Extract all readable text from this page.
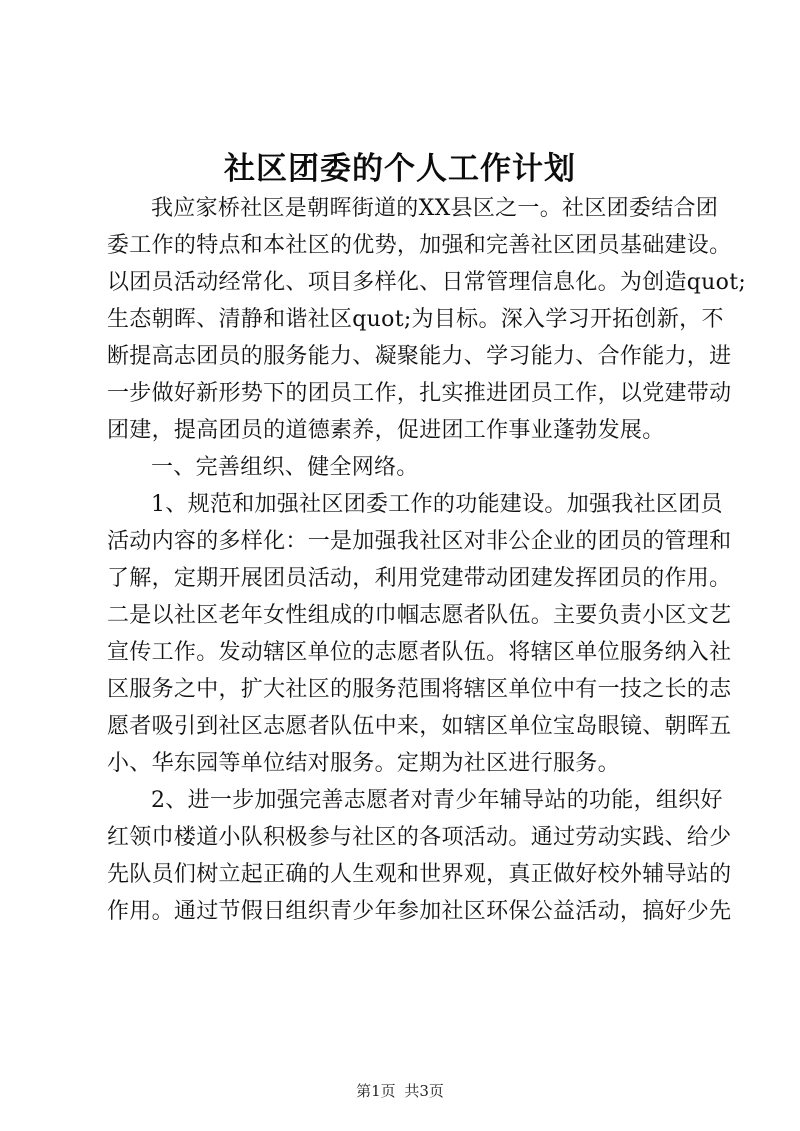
社区团委的个人工作计划
我应家桥社区是朝晖街道的XX县区之一。社区团委结合团
委工作的特点和本社区的优势，加强和完善社区团员基础建设。
以团员活动经常化、项目多样化、日常管理信息化。为创造quot;
生态朝晖、清静和谐社区quot;为目标。深入学习开拓创新，不
断提高志团员的服务能力、凝聚能力、学习能力、合作能力，进
一步做好新形势下的团员工作，扎实推进团员工作，以党建带动
团建，提高团员的道德素养，促进团工作事业蓬勃发展。
一、完善组织、健全网络。
1、规范和加强社区团委工作的功能建设。加强我社区团员
活动内容的多样化：一是加强我社区对非公企业的团员的管理和
了解，定期开展团员活动，利用党建带动团建发挥团员的作用。
二是以社区老年女性组成的巾帼志愿者队伍。主要负责小区文艺
宣传工作。发动辖区单位的志愿者队伍。将辖区单位服务纳入社
区服务之中，扩大社区的服务范围将辖区单位中有一技之长的志
愿者吸引到社区志愿者队伍中来，如辖区单位宝岛眼镜、朝晖五
小、华东园等单位结对服务。定期为社区进行服务。
2、进一步加强完善志愿者对青少年辅导站的功能，组织好
红领巾楼道小队积极参与社区的各项活动。通过劳动实践、给少
先队员们树立起正确的人生观和世界观，真正做好校外辅导站的
作用。通过节假日组织青少年参加社区环保公益活动，搞好少先
第1页 共3页
